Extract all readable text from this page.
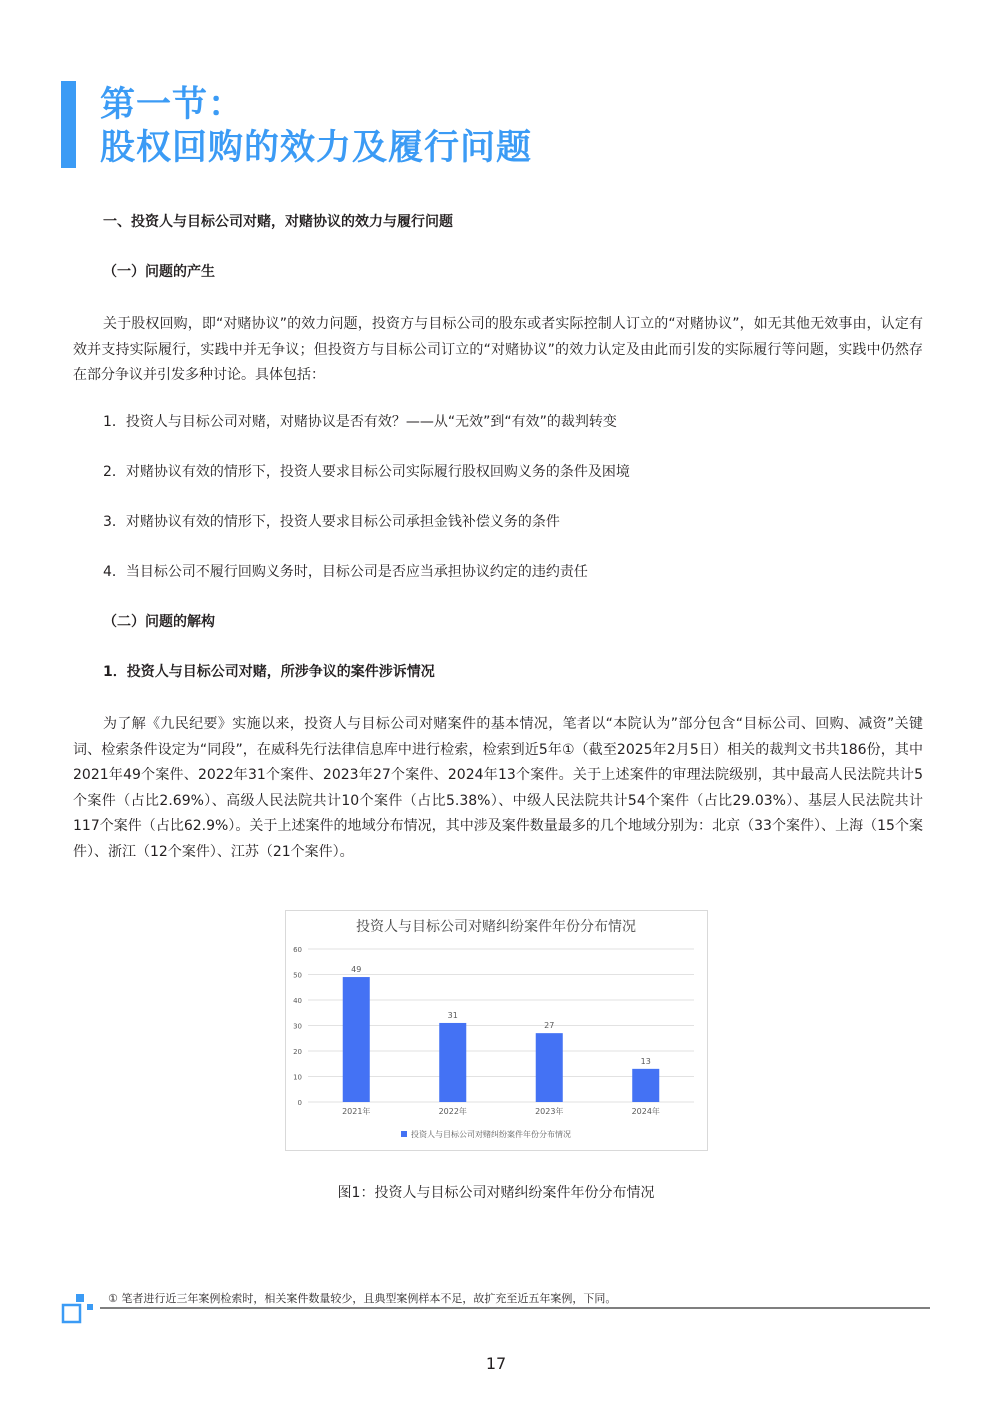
第一节：
股权回购的效力及履行问题

一、投资人与目标公司对赌，对赌协议的效力与履行问题

（一）问题的产生

关于股权回购，即“对赌协议”的效力问题，投资方与目标公司的股东或者实际控制人订立的“对赌协议”，如无其他无效事由，认定有效并支持实际履行，实践中并无争议；但投资方与目标公司订立的“对赌协议”的效力认定及由此而引发的实际履行等问题，实践中仍然存在部分争议并引发多种讨论。具体包括：

1．投资人与目标公司对赌，对赌协议是否有效？——从“无效”到“有效”的裁判转变

2．对赌协议有效的情形下，投资人要求目标公司实际履行股权回购义务的条件及困境

3．对赌协议有效的情形下，投资人要求目标公司承担金钱补偿义务的条件

4．当目标公司不履行回购义务时，目标公司是否应当承担协议约定的违约责任

（二）问题的解构

1．投资人与目标公司对赌，所涉争议的案件涉诉情况

为了解《九民纪要》实施以来，投资人与目标公司对赌案件的基本情况，笔者以“本院认为”部分包含“目标公司、回购、减资”关键词、检索条件设定为“同段”，在威科先行法律信息库中进行检索，检索到近5年①（截至2025年2月5日）相关的裁判文书共186份，其中2021年49个案件、2022年31个案件、2023年27个案件、2024年13个案件。关于上述案件的审理法院级别，其中最高人民法院共计5个案件（占比2.69%）、高级人民法院共计10个案件（占比5.38%）、中级人民法院共计54个案件（占比29.03%）、基层人民法院共计117个案件（占比62.9%）。关于上述案件的地域分布情况，其中涉及案件数量最多的几个地域分别为：北京（33个案件）、上海（15个案件）、浙江（12个案件）、江苏（21个案件）。

投资人与目标公司对赌纠纷案件年份分布情况
0
10
20
30
40
50
60
49
2021年
31
2022年
27
2023年
13
2024年
投资人与目标公司对赌纠纷案件年份分布情况

图1：投资人与目标公司对赌纠纷案件年份分布情况

① 笔者进行近三年案例检索时，相关案件数量较少，且典型案例样本不足，故扩充至近五年案例，下同。

17
